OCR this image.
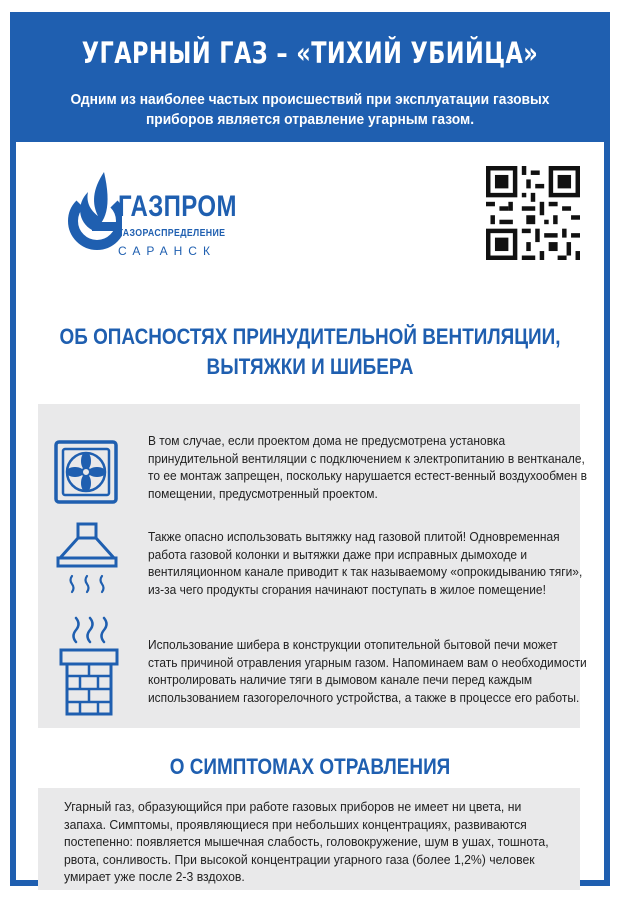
УГАРНЫЙ ГАЗ – «ТИХИЙ УБИЙЦА»
Одним из наиболее частых происшествий при эксплуатации газовых приборов является отравление угарным газом.
ГАЗПРОМ
ГАЗОРАСПРЕДЕЛЕНИЕ
САРАНСК
ОБ ОПАСНОСТЯХ ПРИНУДИТЕЛЬНОЙ ВЕНТИЛЯЦИИ,
ВЫТЯЖКИ И ШИБЕРА
В том случае, если проектом дома не предусмотрена установка принудительной вентиляции с подключением к электропитанию в вентканале, то ее монтаж запрещен, поскольку нарушается естест-венный воздухообмен в помещении, предусмотренный проектом.
Также опасно использовать вытяжку над газовой плитой! Одновременная работа газовой колонки и вытяжки даже при исправных дымоходе и вентиляционном канале приводит к так называемому «опрокидыванию тяги», из-за чего продукты сгорания начинают поступать в жилое помещение!
Использование шибера в конструкции отопительной бытовой печи может стать причиной отравления угарным газом. Напоминаем вам о необходимости контролировать наличие тяги в дымовом канале печи перед каждым использованием газогорелочного устройства, а также в процессе его работы.
О СИМПТОМАХ ОТРАВЛЕНИЯ
Угарный газ, образующийся при работе газовых приборов не имеет ни цвета, ни запаха. Симптомы, проявляющиеся при небольших концентрациях, развиваются постепенно: появляется мышечная слабость, головокружение, шум в ушах, тошнота, рвота, сонливость. При высокой концентрации угарного газа (более 1,2%) человек умирает уже после 2-3 вздохов.
